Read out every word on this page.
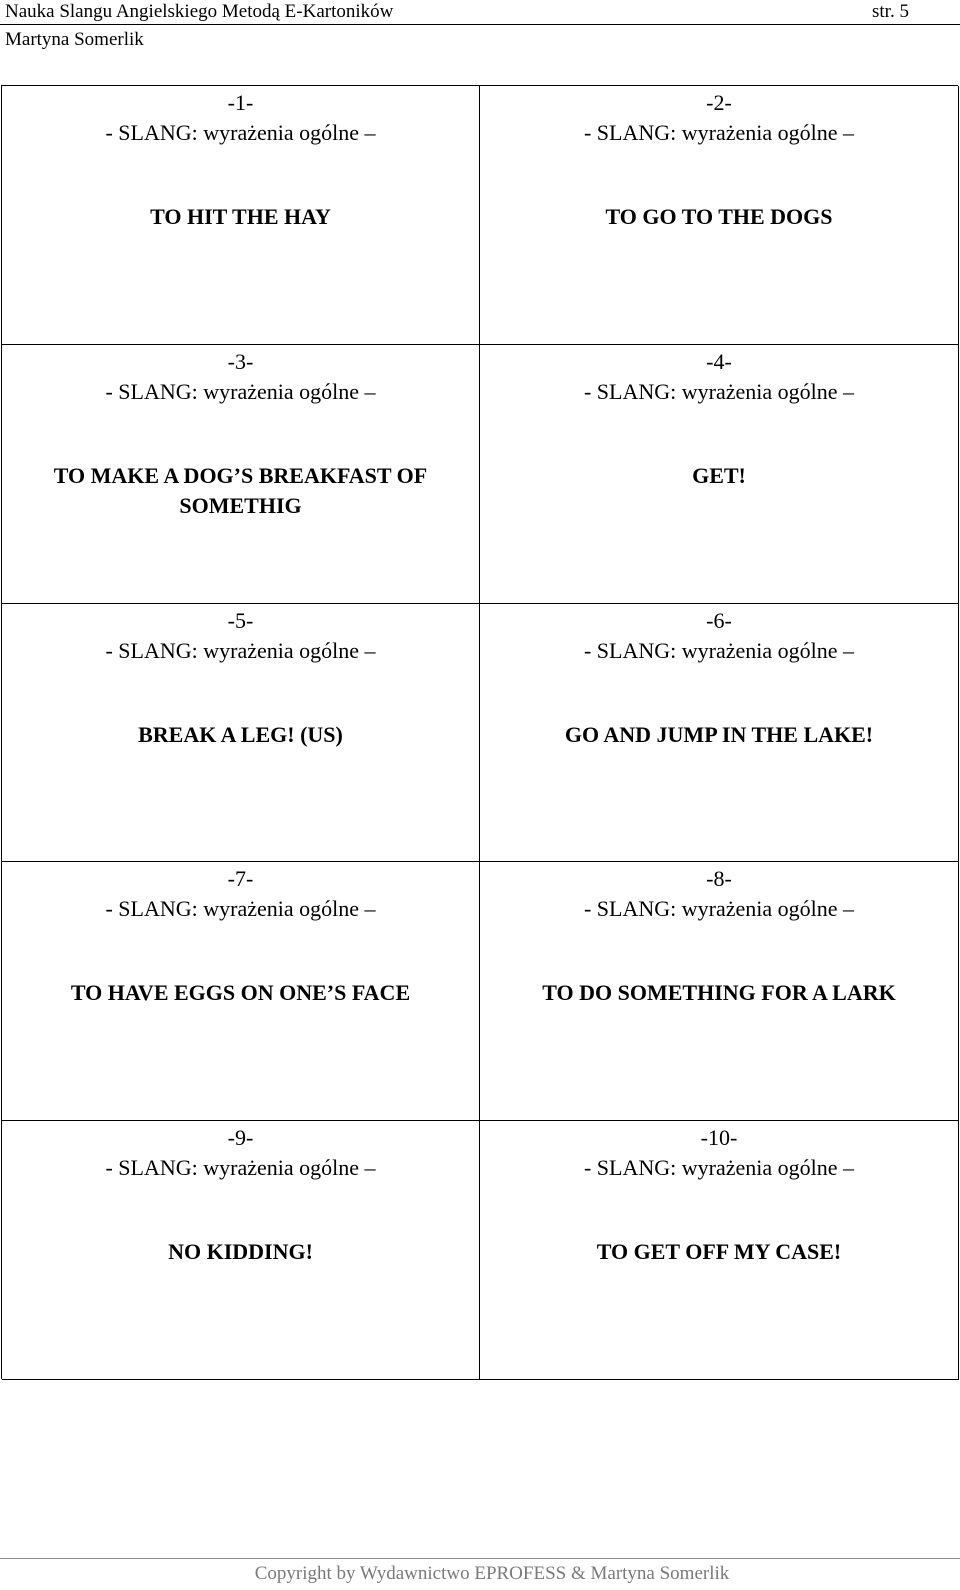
Nauka Slangu Angielskiego Metodą E-Kartoników	str. 5
Martyna Somerlik
-1-
- SLANG: wyrażenia ogólne –
TO HIT THE HAY
-2-
- SLANG: wyrażenia ogólne –
TO GO TO THE DOGS
-3-
- SLANG: wyrażenia ogólne –
TO MAKE A DOG’S BREAKFAST OF SOMETHIG
-4-
- SLANG: wyrażenia ogólne –
GET!
-5-
- SLANG: wyrażenia ogólne –
BREAK A LEG! (US)
-6-
- SLANG: wyrażenia ogólne –
GO AND JUMP IN THE LAKE!
-7-
- SLANG: wyrażenia ogólne –
TO HAVE EGGS ON ONE’S FACE
-8-
- SLANG: wyrażenia ogólne –
TO DO SOMETHING FOR A LARK
-9-
- SLANG: wyrażenia ogólne –
NO KIDDING!
-10-
- SLANG: wyrażenia ogólne –
TO GET OFF MY CASE!
Copyright by Wydawnictwo EPROFESS & Martyna Somerlik
